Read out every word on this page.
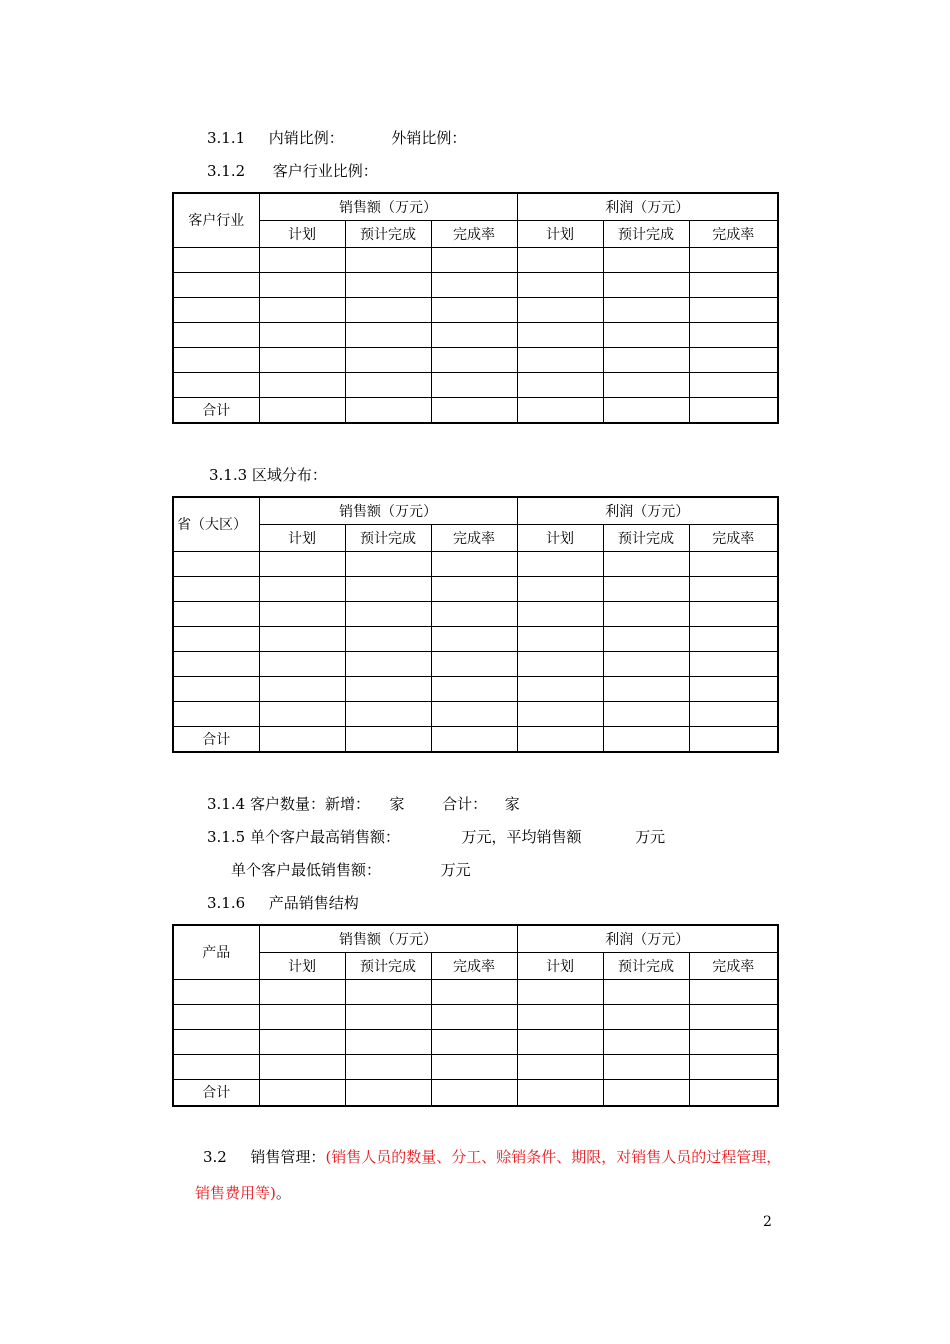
3.1.1 内销比例：	外销比例：
3.1.2 客户行业比例：
客户行业	销售额（万元）			利润（万元）		
	计划	预计完成	完成率	计划	预计完成	完成率

合计						
3.1.3 区域分布：
省（大区）	销售额（万元）			利润（万元）		
	计划	预计完成	完成率	计划	预计完成	完成率

合计						
3.1.4 客户数量：新增： 家	合计： 家
3.1.5 单个客户最高销售额：	万元，平均销售额	万元
单个客户最低销售额：	万元
3.1.6 产品销售结构
产品	销售额（万元）			利润（万元）		
	计划	预计完成	完成率	计划	预计完成	完成率

合计						
3.2 销售管理：(销售人员的数量、分工、赊销条件、期限，对销售人员的过程管理，
销售费用等)。
2
